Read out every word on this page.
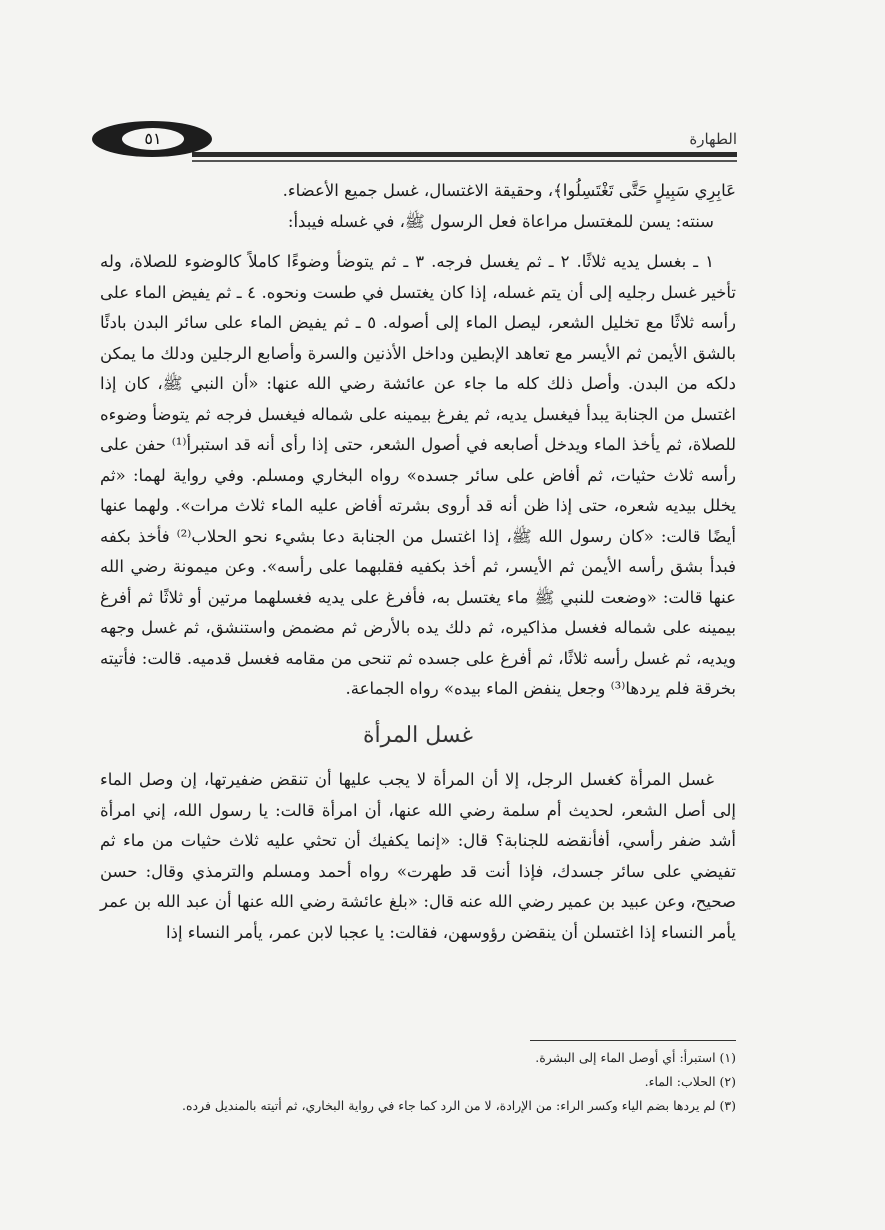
٥١	الطهارة

عَابِرِي سَبِيلٍ حَتَّى تَغْتَسِلُوا﴾، وحقيقة الاغتسال، غسل جميع الأعضاء.

سنته: يسن للمغتسل مراعاة فعل الرسول ﷺ، في غسله فيبدأ:

١ ـ بغسل يديه ثلاثًا. ٢ ـ ثم يغسل فرجه. ٣ ـ ثم يتوضأ وضوءًا كاملاً كالوضوء للصلاة، وله تأخير غسل رجليه إلى أن يتم غسله، إذا كان يغتسل في طست ونحوه. ٤ ـ ثم يفيض الماء على رأسه ثلاثًا مع تخليل الشعر، ليصل الماء إلى أصوله. ٥ ـ ثم يفيض الماء على سائر البدن بادئًا بالشق الأيمن ثم الأيسر مع تعاهد الإبطين وداخل الأذنين والسرة وأصابع الرجلين ودلك ما يمكن دلكه من البدن. وأصل ذلك كله ما جاء عن عائشة رضي الله عنها: «أن النبي ﷺ، كان إذا اغتسل من الجنابة يبدأ فيغسل يديه، ثم يفرغ بيمينه على شماله فيغسل فرجه ثم يتوضأ وضوءه للصلاة، ثم يأخذ الماء ويدخل أصابعه في أصول الشعر، حتى إذا رأى أنه قد استبرأ⁽¹⁾ حفن على رأسه ثلاث حثيات، ثم أفاض على سائر جسده» رواه البخاري ومسلم. وفي رواية لهما: «ثم يخلل بيديه شعره، حتى إذا ظن أنه قد أروى بشرته أفاض عليه الماء ثلاث مرات». ولهما عنها أيضًا قالت: «كان رسول الله ﷺ، إذا اغتسل من الجنابة دعا بشيء نحو الحلاب⁽²⁾ فأخذ بكفه فبدأ بشق رأسه الأيمن ثم الأيسر، ثم أخذ بكفيه فقلبهما على رأسه». وعن ميمونة رضي الله عنها قالت: «وضعت للنبي ﷺ ماء يغتسل به، فأفرغ على يديه فغسلهما مرتين أو ثلاثًا ثم أفرغ بيمينه على شماله فغسل مذاكيره، ثم دلك يده بالأرض ثم مضمض واستنشق، ثم غسل وجهه ويديه، ثم غسل رأسه ثلاثًا، ثم أفرغ على جسده ثم تنحى من مقامه فغسل قدميه. قالت: فأتيته بخرقة فلم يردها⁽³⁾ وجعل ينفض الماء بيده» رواه الجماعة.

غسل المرأة

غسل المرأة كغسل الرجل، إلا أن المرأة لا يجب عليها أن تنقض ضفيرتها، إن وصل الماء إلى أصل الشعر، لحديث أم سلمة رضي الله عنها، أن امرأة قالت: يا رسول الله، إني امرأة أشد ضفر رأسي، أفأنقضه للجنابة؟ قال: «إنما يكفيك أن تحثي عليه ثلاث حثيات من ماء ثم تفيضي على سائر جسدك، فإذا أنت قد طهرت» رواه أحمد ومسلم والترمذي وقال: حسن صحيح، وعن عبيد بن عمير رضي الله عنه قال: «بلغ عائشة رضي الله عنها أن عبد الله بن عمر يأمر النساء إذا اغتسلن أن ينقضن رؤوسهن، فقالت: يا عجبا لابن عمر، يأمر النساء إذا

(١) استبرأ: أي أوصل الماء إلى البشرة.
(٢) الحلاب: الماء.
(٣) لم يردها بضم الياء وكسر الراء: من الإرادة، لا من الرد كما جاء في رواية البخاري، ثم أتيته بالمنديل فرده.
